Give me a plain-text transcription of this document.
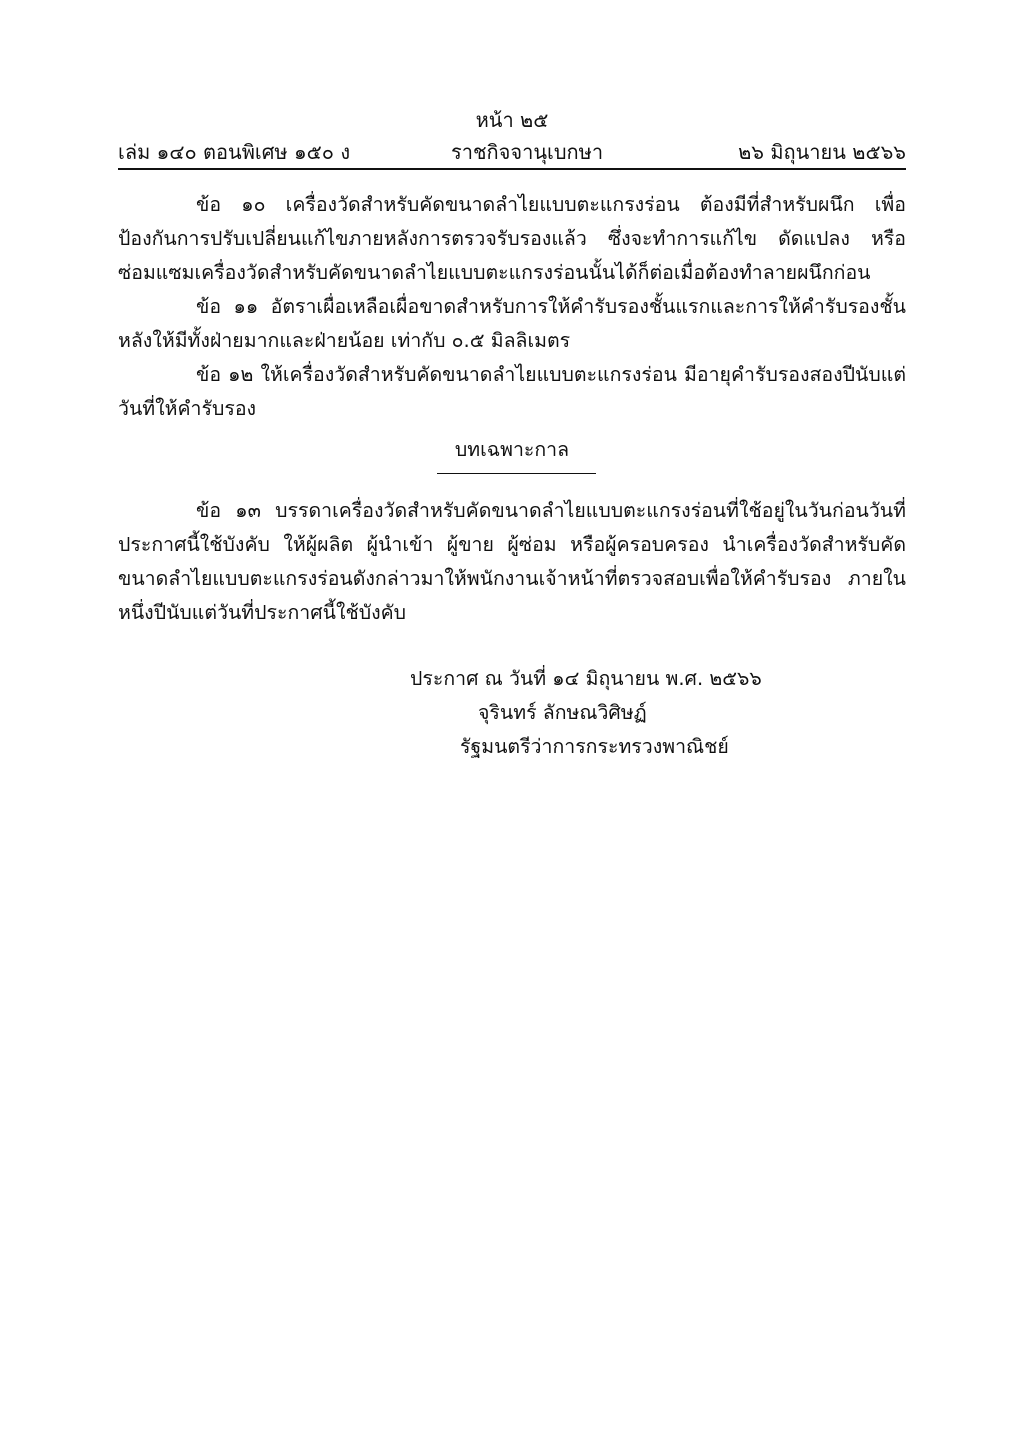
หน้า ๒๕
เล่ม ๑๔๐ ตอนพิเศษ ๑๕๐ ง	ราชกิจจานุเบกษา	๒๖ มิถุนายน ๒๕๖๖

ข้อ ๑๐ เครื่องวัดสำหรับคัดขนาดลำไยแบบตะแกรงร่อน ต้องมีที่สำหรับผนึก เพื่อป้องกันการปรับเปลี่ยนแก้ไขภายหลังการตรวจรับรองแล้ว ซึ่งจะทำการแก้ไข ดัดแปลง หรือซ่อมแซมเครื่องวัดสำหรับคัดขนาดลำไยแบบตะแกรงร่อนนั้นได้ก็ต่อเมื่อต้องทำลายผนึกก่อน

ข้อ ๑๑ อัตราเผื่อเหลือเผื่อขาดสำหรับการให้คำรับรองชั้นแรกและการให้คำรับรองชั้นหลังให้มีทั้งฝ่ายมากและฝ่ายน้อย เท่ากับ ๐.๕ มิลลิเมตร

ข้อ ๑๒ ให้เครื่องวัดสำหรับคัดขนาดลำไยแบบตะแกรงร่อน มีอายุคำรับรองสองปีนับแต่วันที่ให้คำรับรอง

บทเฉพาะกาล

ข้อ ๑๓ บรรดาเครื่องวัดสำหรับคัดขนาดลำไยแบบตะแกรงร่อนที่ใช้อยู่ในวันก่อนวันที่ประกาศนี้ใช้บังคับ ให้ผู้ผลิต ผู้นำเข้า ผู้ขาย ผู้ซ่อม หรือผู้ครอบครอง นำเครื่องวัดสำหรับคัดขนาดลำไยแบบตะแกรงร่อนดังกล่าวมาให้พนักงานเจ้าหน้าที่ตรวจสอบเพื่อให้คำรับรอง ภายในหนึ่งปีนับแต่วันที่ประกาศนี้ใช้บังคับ

ประกาศ ณ วันที่ ๑๔ มิถุนายน พ.ศ. ๒๕๖๖
จุรินทร์ ลักษณวิศิษฏ์
รัฐมนตรีว่าการกระทรวงพาณิชย์
